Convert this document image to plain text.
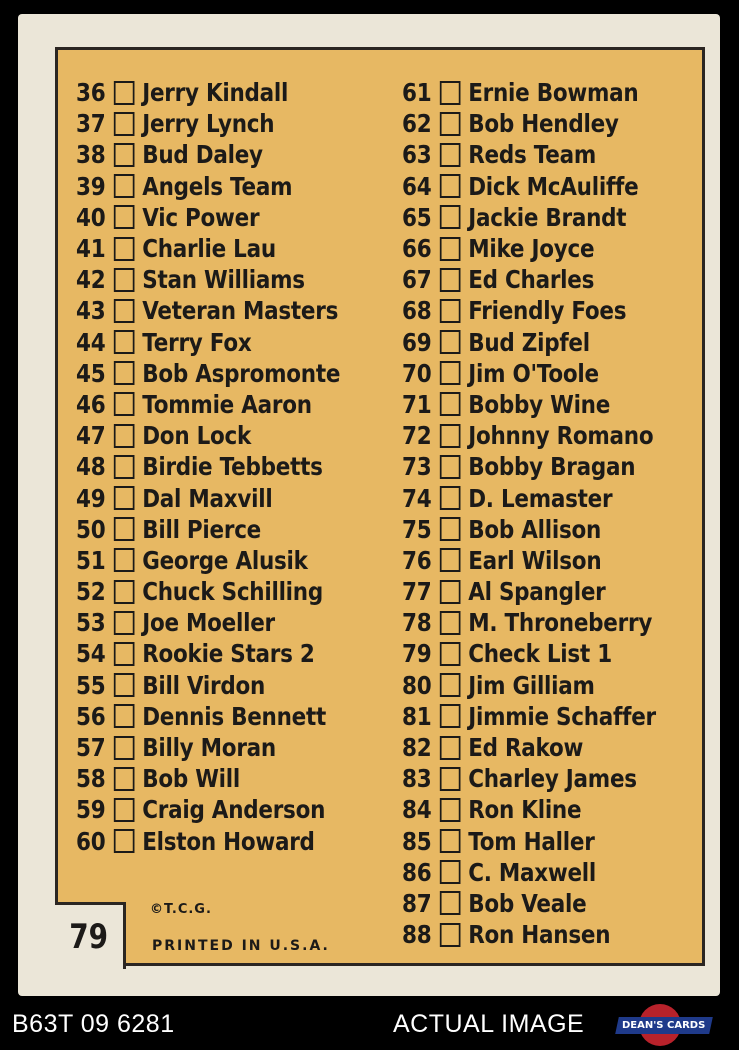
36 Jerry Kindall
37 Jerry Lynch
38 Bud Daley
39 Angels Team
40 Vic Power
41 Charlie Lau
42 Stan Williams
43 Veteran Masters
44 Terry Fox
45 Bob Aspromonte
46 Tommie Aaron
47 Don Lock
48 Birdie Tebbetts
49 Dal Maxvill
50 Bill Pierce
51 George Alusik
52 Chuck Schilling
53 Joe Moeller
54 Rookie Stars 2
55 Bill Virdon
56 Dennis Bennett
57 Billy Moran
58 Bob Will
59 Craig Anderson
60 Elston Howard
61 Ernie Bowman
62 Bob Hendley
63 Reds Team
64 Dick McAuliffe
65 Jackie Brandt
66 Mike Joyce
67 Ed Charles
68 Friendly Foes
69 Bud Zipfel
70 Jim O'Toole
71 Bobby Wine
72 Johnny Romano
73 Bobby Bragan
74 D. Lemaster
75 Bob Allison
76 Earl Wilson
77 Al Spangler
78 M. Throneberry
79 Check List 1
80 Jim Gilliam
81 Jimmie Schaffer
82 Ed Rakow
83 Charley James
84 Ron Kline
85 Tom Haller
86 C. Maxwell
87 Bob Veale
88 Ron Hansen
©T.C.G.
PRINTED IN U.S.A.
79
B63T 09 6281	ACTUAL IMAGE	DEAN'S CARDS
